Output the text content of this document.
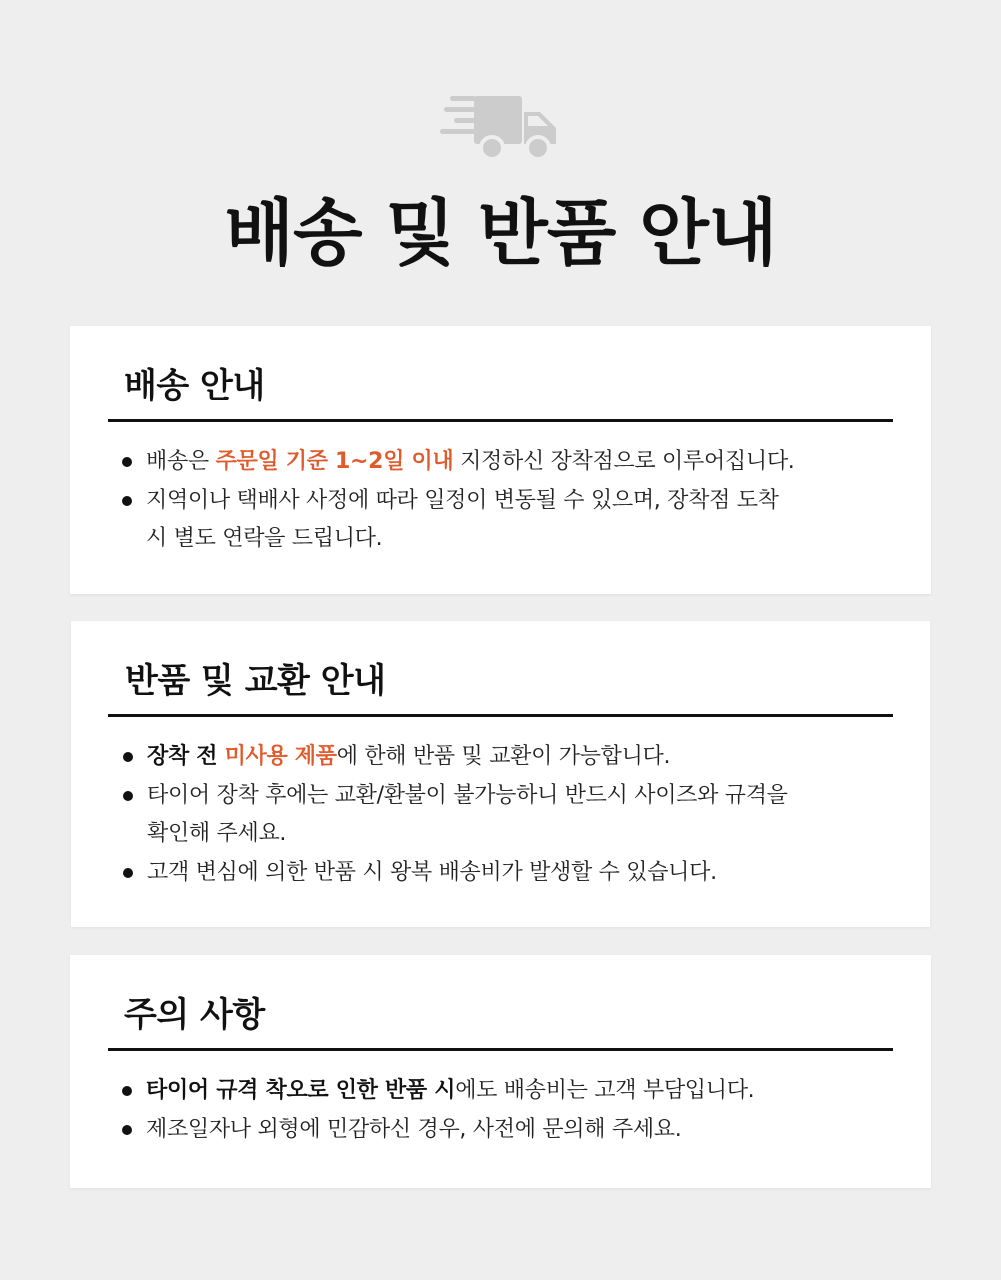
배송 및 반품 안내
배송 안내
배송은 주문일 기준 1~2일 이내 지정하신 장착점으로 이루어집니다.
지역이나 택배사 사정에 따라 일정이 변동될 수 있으며, 장착점 도착
시 별도 연락을 드립니다.
반품 및 교환 안내
장착 전 미사용 제품에 한해 반품 및 교환이 가능합니다.
타이어 장착 후에는 교환/환불이 불가능하니 반드시 사이즈와 규격을
확인해 주세요.
고객 변심에 의한 반품 시 왕복 배송비가 발생할 수 있습니다.
주의 사항
타이어 규격 착오로 인한 반품 시에도 배송비는 고객 부담입니다.
제조일자나 외형에 민감하신 경우, 사전에 문의해 주세요.
